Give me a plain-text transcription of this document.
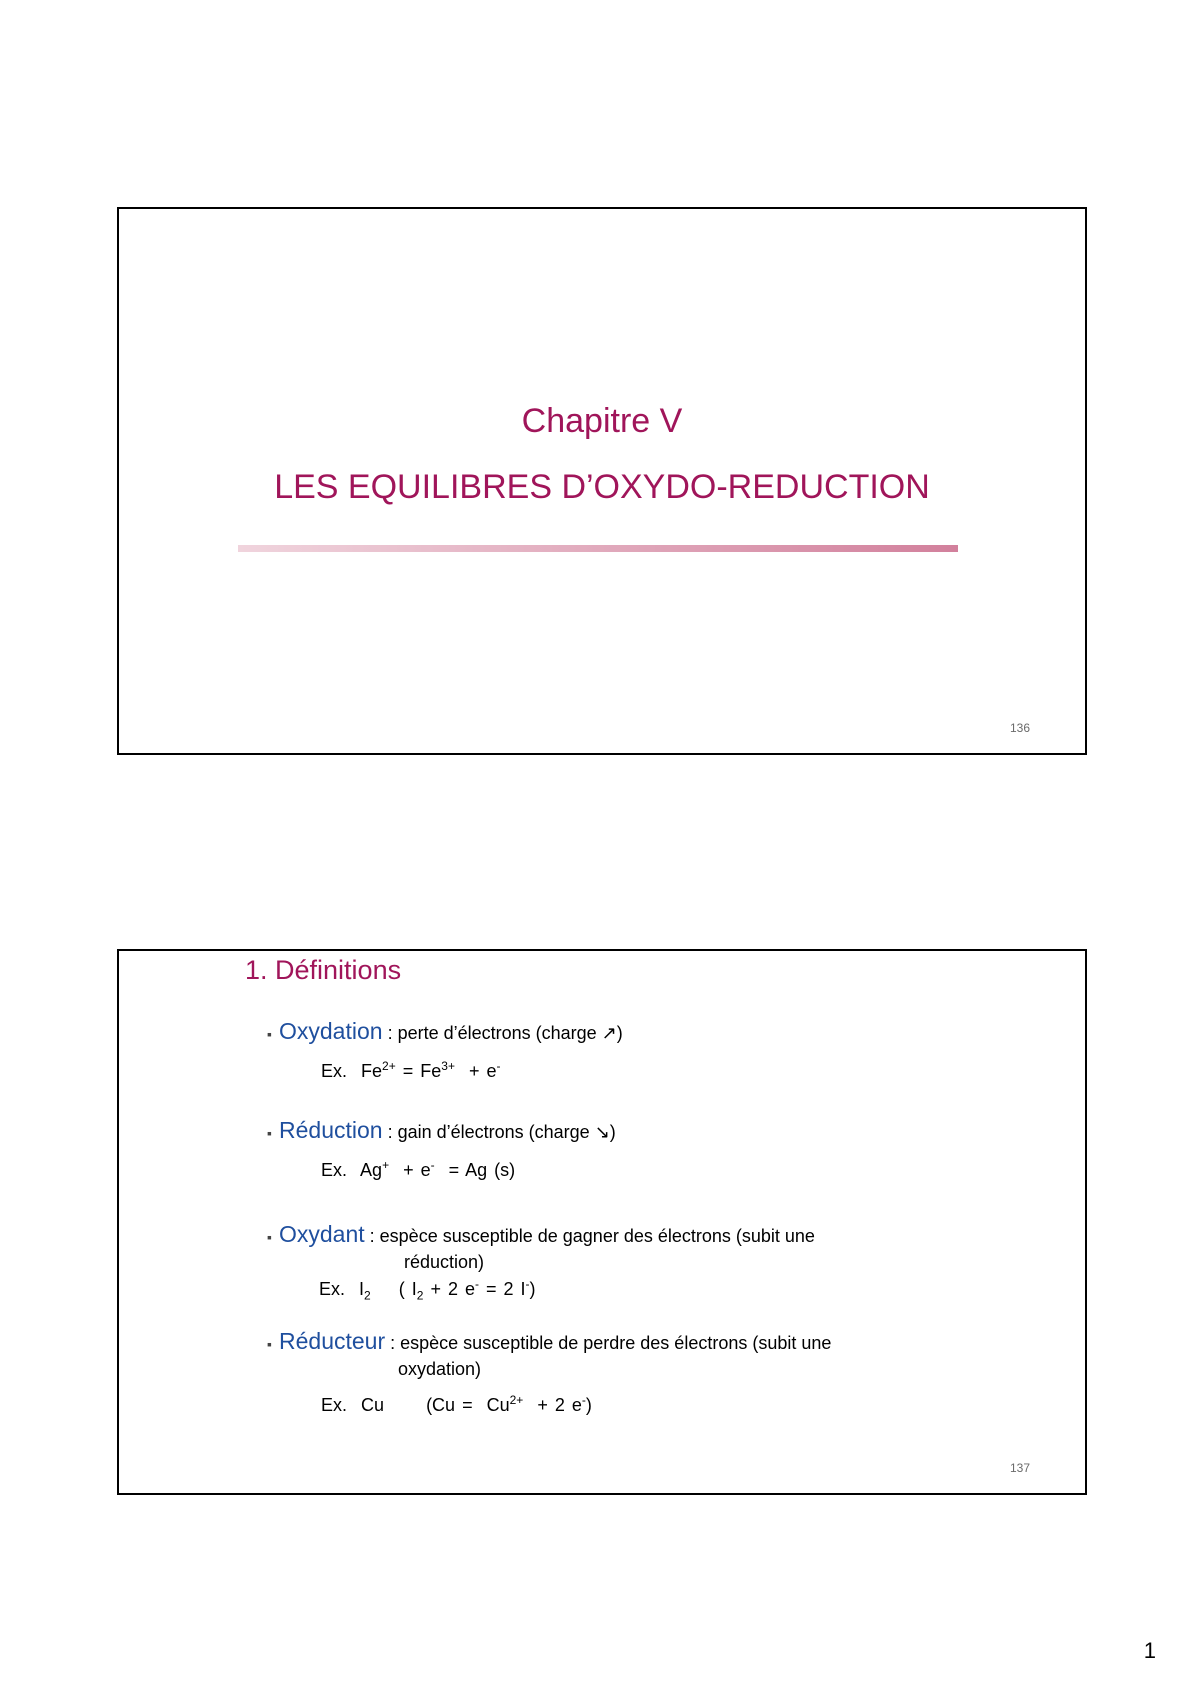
Chapitre V
LES EQUILIBRES D’OXYDO-REDUCTION
136
1. Définitions
▪ Oxydation : perte d’électrons (charge ↗)
Ex. $Fe^{2+} = Fe^{3+} + e^-$
▪ Réduction : gain d’électrons (charge ↘)
Ex. Ag+  + e-  = Ag (s)
▪ Oxydant : espèce susceptible de gagner des électrons (subit une
réduction)
Ex. $I_2$ ( $I_2 + 2$ e- = 2 I-)
▪ Réducteur : espèce susceptible de perdre des électrons (subit une
oxydation)
Ex. Cu ($Cu = Cu^{2+} + 2$ e-)
137
1
